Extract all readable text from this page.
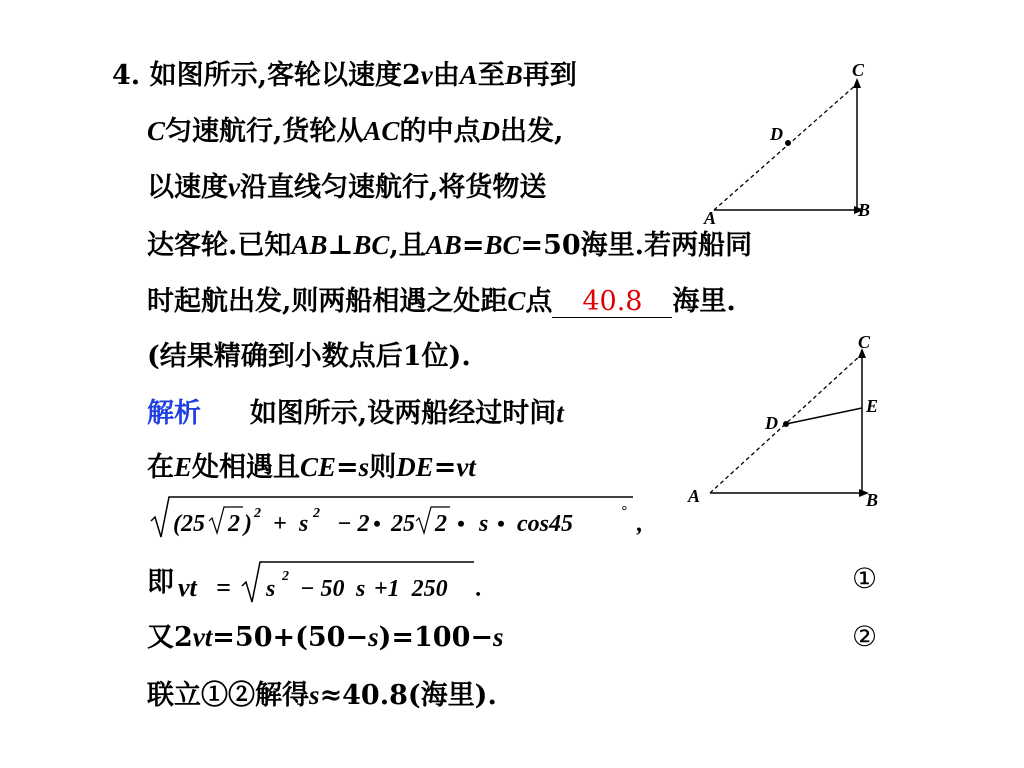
4. 如图所示,客轮以速度2v由A至B再到
C匀速航行,货轮从AC的中点D出发,
以速度v沿直线匀速航行,将货物送
达客轮.已知AB⊥BC,且AB=BC=50海里.若两船同
时起航出发,则两船相遇之处距C点 40.8 海里.
(结果精确到小数点后1位).
解析 如图所示,设两船经过时间t
在E处相遇且CE=s则DE=vt
(25 2 ) 2 + s 2 − 2 • 25 2 • s • cos45	° ,
即 vt = s 2 − 50 s +1  250 .	①
又2vt=50+(50−s)=100−s	②
联立①②解得s≈40.8(海里).
C
D
A	B
C
E
D
A	B
